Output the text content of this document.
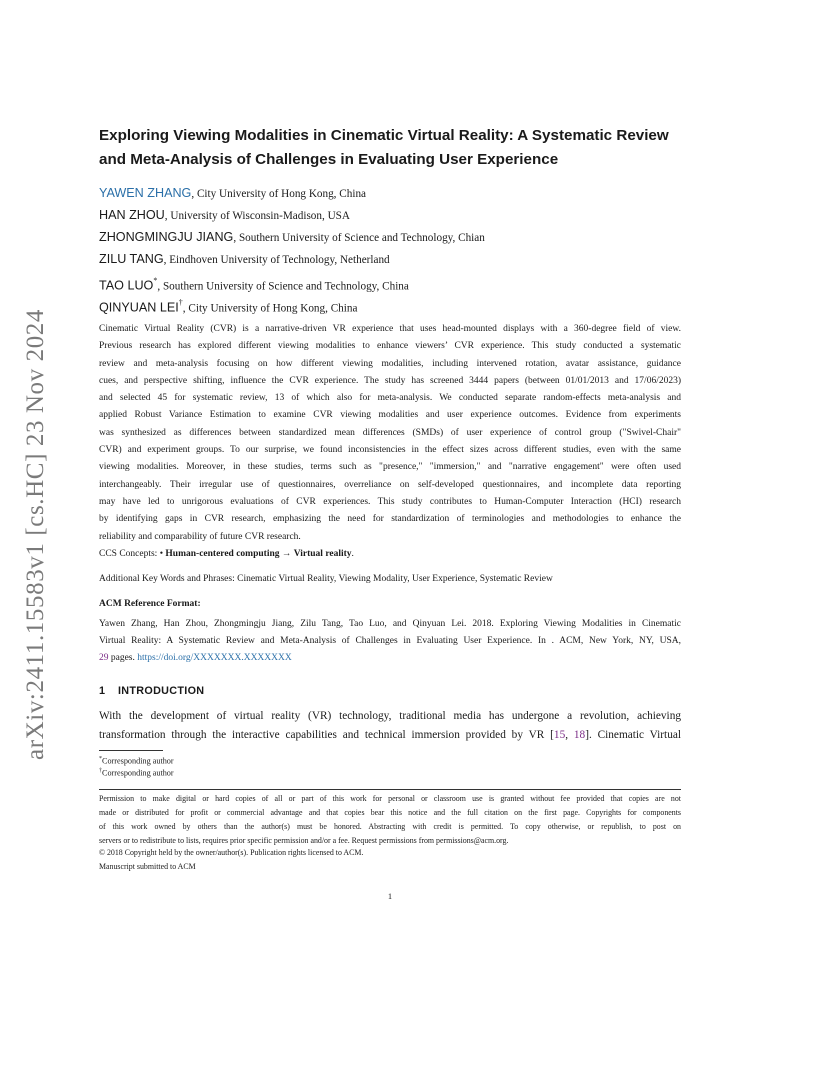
arXiv:2411.15583v1 [cs.HC] 23 Nov 2024
Exploring Viewing Modalities in Cinematic Virtual Reality: A Systematic Review
and Meta-Analysis of Challenges in Evaluating User Experience
YAWEN ZHANG, City University of Hong Kong, China
HAN ZHOU, University of Wisconsin-Madison, USA
ZHONGMINGJU JIANG, Southern University of Science and Technology, Chian
ZILU TANG, Eindhoven University of Technology, Netherland
TAO LUO*, Southern University of Science and Technology, China
QINYUAN LEI†, City University of Hong Kong, China
Cinematic Virtual Reality (CVR) is a narrative-driven VR experience that uses head-mounted displays with a 360-degree field of view.
Previous research has explored different viewing modalities to enhance viewers’ CVR experience. This study conducted a systematic
review and meta-analysis focusing on how different viewing modalities, including intervened rotation, avatar assistance, guidance
cues, and perspective shifting, influence the CVR experience. The study has screened 3444 papers (between 01/01/2013 and 17/06/2023)
and selected 45 for systematic review, 13 of which also for meta-analysis. We conducted separate random-effects meta-analysis and
applied Robust Variance Estimation to examine CVR viewing modalities and user experience outcomes. Evidence from experiments
was synthesized as differences between standardized mean differences (SMDs) of user experience of control group ("Swivel-Chair"
CVR) and experiment groups. To our surprise, we found inconsistencies in the effect sizes across different studies, even with the same
viewing modalities. Moreover, in these studies, terms such as "presence," "immersion," and "narrative engagement" were often used
interchangeably. Their irregular use of questionnaires, overreliance on self-developed questionnaires, and incomplete data reporting
may have led to unrigorous evaluations of CVR experiences. This study contributes to Human-Computer Interaction (HCI) research
by identifying gaps in CVR research, emphasizing the need for standardization of terminologies and methodologies to enhance the
reliability and comparability of future CVR research.
CCS Concepts: • Human-centered computing → Virtual reality.
Additional Key Words and Phrases: Cinematic Virtual Reality, Viewing Modality, User Experience, Systematic Review
ACM Reference Format:
Yawen Zhang, Han Zhou, Zhongmingju Jiang, Zilu Tang, Tao Luo, and Qinyuan Lei. 2018. Exploring Viewing Modalities in Cinematic
Virtual Reality: A Systematic Review and Meta-Analysis of Challenges in Evaluating User Experience. In . ACM, New York, NY, USA,
29 pages. https://doi.org/XXXXXXX.XXXXXXX
1 INTRODUCTION
With the development of virtual reality (VR) technology, traditional media has undergone a revolution, achieving
transformation through the interactive capabilities and technical immersion provided by VR [15, 18]. Cinematic Virtual
*Corresponding author
†Corresponding author
Permission to make digital or hard copies of all or part of this work for personal or classroom use is granted without fee provided that copies are not
made or distributed for profit or commercial advantage and that copies bear this notice and the full citation on the first page. Copyrights for components
of this work owned by others than the author(s) must be honored. Abstracting with credit is permitted. To copy otherwise, or republish, to post on
servers or to redistribute to lists, requires prior specific permission and/or a fee. Request permissions from permissions@acm.org.
© 2018 Copyright held by the owner/author(s). Publication rights licensed to ACM.
Manuscript submitted to ACM
1
